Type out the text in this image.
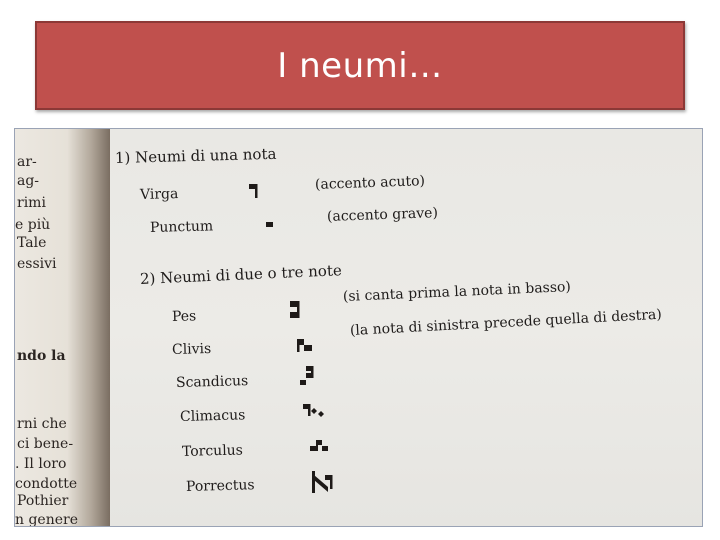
I neumi…
ar-
ag-
rimi
e più
Tale
essivi
ndo la
rni che
ci bene-
. Il loro
condotte
Pothier
n genere
1) Neumi di una nota
Virga
(accento acuto)
Punctum
(accento grave)
2) Neumi di due o tre note
Pes
(si canta prima la nota in basso)
Clivis
(la nota di sinistra precede quella di destra)
Scandicus
Climacus
Torculus
Porrectus
